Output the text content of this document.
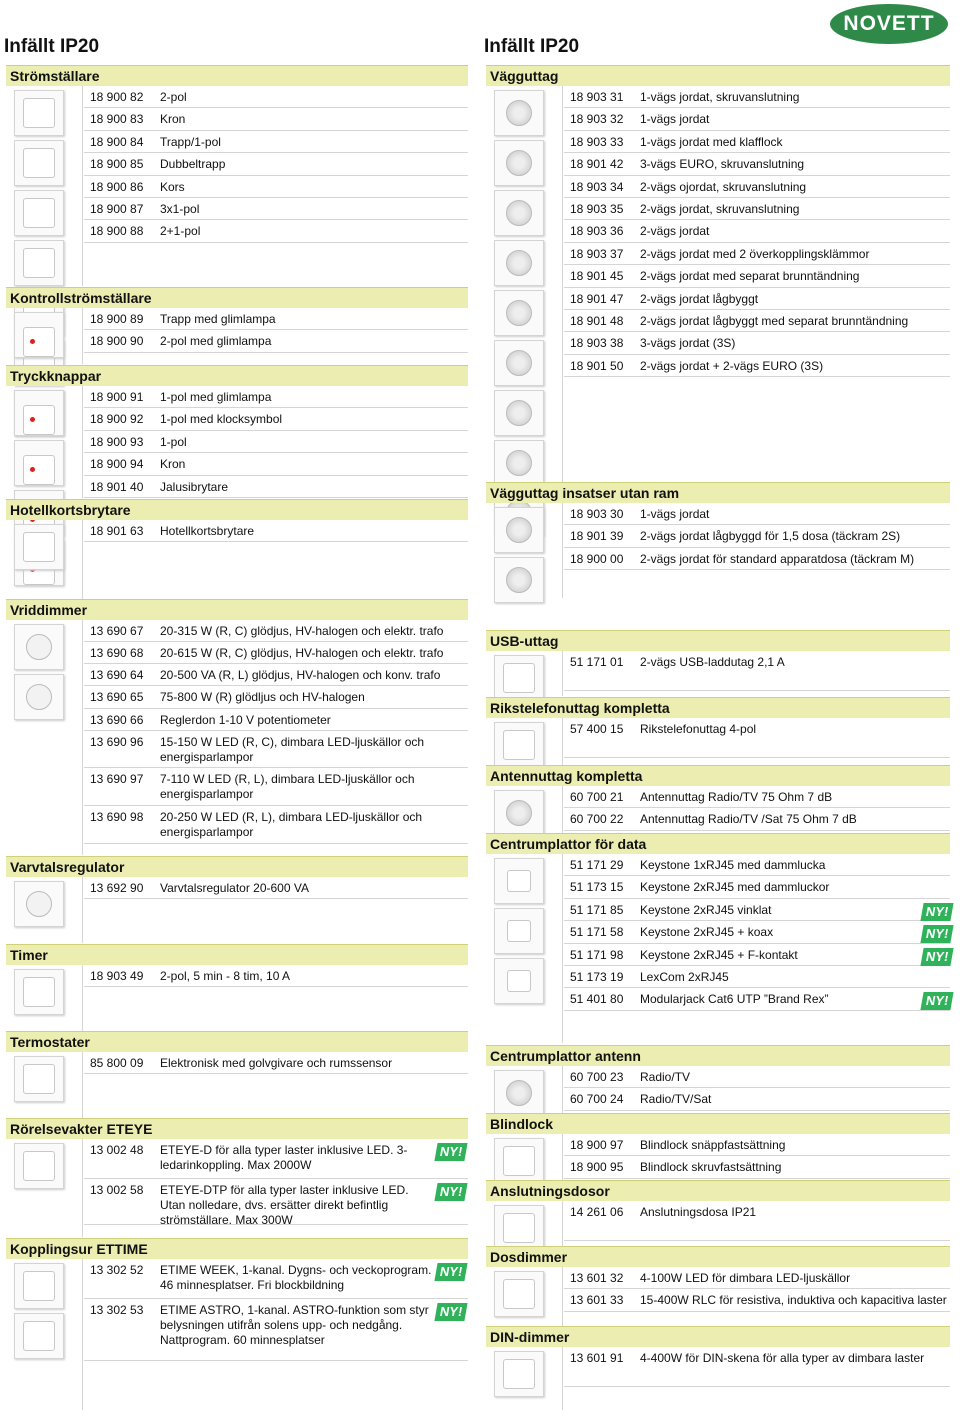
NOVETT
Infällt IP20	Infällt IP20
Strömställare
18 900 82	2-pol
18 900 83	Kron
18 900 84	Trapp/1-pol
18 900 85	Dubbeltrapp
18 900 86	Kors
18 900 87	3x1-pol
18 900 88	2+1-pol
Kontrollströmställare
18 900 89	Trapp med glimlampa
18 900 90	2-pol med glimlampa
Tryckknappar
18 900 91	1-pol med glimlampa
18 900 92	1-pol med klocksymbol
18 900 93	1-pol
18 900 94	Kron
18 901 40	Jalusibrytare
Hotellkortsbrytare
18 901 63	Hotellkortsbrytare
Vriddimmer
13 690 67	20-315 W (R, C) glödjus, HV-halogen och elektr. trafo
13 690 68	20-615 W (R, C) glödjus, HV-halogen och elektr. trafo
13 690 64	20-500 VA (R, L) glödjus, HV-halogen och konv. trafo
13 690 65	75-800 W (R) glödljus och HV-halogen
13 690 66	Reglerdon 1-10 V potentiometer
13 690 96	15-150 W LED (R, C), dimbara LED-ljuskällor och energisparlampor
13 690 97	7-110 W LED (R, L), dimbara LED-ljuskällor och energisparlampor
13 690 98	20-250 W LED (R, L), dimbara LED-ljuskällor och energisparlampor
Varvtalsregulator
13 692 90	Varvtalsregulator 20-600 VA
Timer
18 903 49	2-pol, 5 min - 8 tim, 10 A
Termostater
85 800 09	Elektronisk med golvgivare och rumssensor
Rörelsevakter ETEYE
13 002 48	ETEYE-D för alla typer laster inklusive LED. 3-ledarinkoppling. Max 2000W
NY!
13 002 58	ETEYE-DTP för alla typer laster inklusive LED. Utan nolledare, dvs. ersätter direkt befintlig strömställare. Max 300W
NY!
Kopplingsur ETTIME
13 302 52	ETIME WEEK, 1-kanal. Dygns- och veckoprogram. 46 minnesplatser. Fri blockbildning
NY!
13 302 53	ETIME ASTRO, 1-kanal. ASTRO-funktion som styr belysningen utifrån solens upp- och nedgång. Nattprogram. 60 minnesplatser
NY!
Vägguttag
18 903 31	1-vägs jordat, skruvanslutning
18 903 32	1-vägs jordat
18 903 33	1-vägs jordat med klafflock
18 901 42	3-vägs EURO, skruvanslutning
18 903 34	2-vägs ojordat, skruvanslutning
18 903 35	2-vägs jordat, skruvanslutning
18 903 36	2-vägs jordat
18 903 37	2-vägs jordat med 2 överkopplingsklämmor
18 901 45	2-vägs jordat med separat brunntändning
18 901 47	2-vägs jordat lågbyggt
18 901 48	2-vägs jordat lågbyggt med separat brunntändning
18 903 38	3-vägs jordat (3S)
18 901 50	2-vägs jordat + 2-vägs EURO (3S)
Vägguttag insatser utan ram
18 903 30	1-vägs jordat
18 901 39	2-vägs jordat lågbyggd för 1,5 dosa (täckram 2S)
18 900 00	2-vägs jordat för standard apparatdosa (täckram M)
USB-uttag
51 171 01	2-vägs USB-laddutag 2,1 A
Rikstelefonuttag kompletta
57 400 15	Rikstelefonuttag 4-pol
Antennuttag kompletta
60 700 21	Antennuttag Radio/TV 75 Ohm 7 dB
60 700 22	Antennuttag Radio/TV /Sat 75 Ohm 7 dB
Centrumplattor för data
51 171 29	Keystone 1xRJ45 med dammlucka
51 173 15	Keystone 2xRJ45 med dammluckor
51 171 85	Keystone 2xRJ45 vinklat	NY!
51 171 58	Keystone 2xRJ45 + koax	NY!
51 171 98	Keystone 2xRJ45 + F-kontakt	NY!
51 173 19	LexCom 2xRJ45
51 401 80	Modularjack Cat6 UTP ”Brand Rex”	NY!
Centrumplattor antenn
60 700 23	Radio/TV
60 700 24	Radio/TV/Sat
Blindlock
18 900 97	Blindlock snäppfastsättning
18 900 95	Blindlock skruvfastsättning
Anslutningsdosor
14 261 06	Anslutningsdosa IP21
Dosdimmer
13 601 32	4-100W LED för dimbara LED-ljuskällor
13 601 33	15-400W RLC för resistiva, induktiva och kapacitiva laster
DIN-dimmer
13 601 91	4-400W för DIN-skena för alla typer av dimbara laster
